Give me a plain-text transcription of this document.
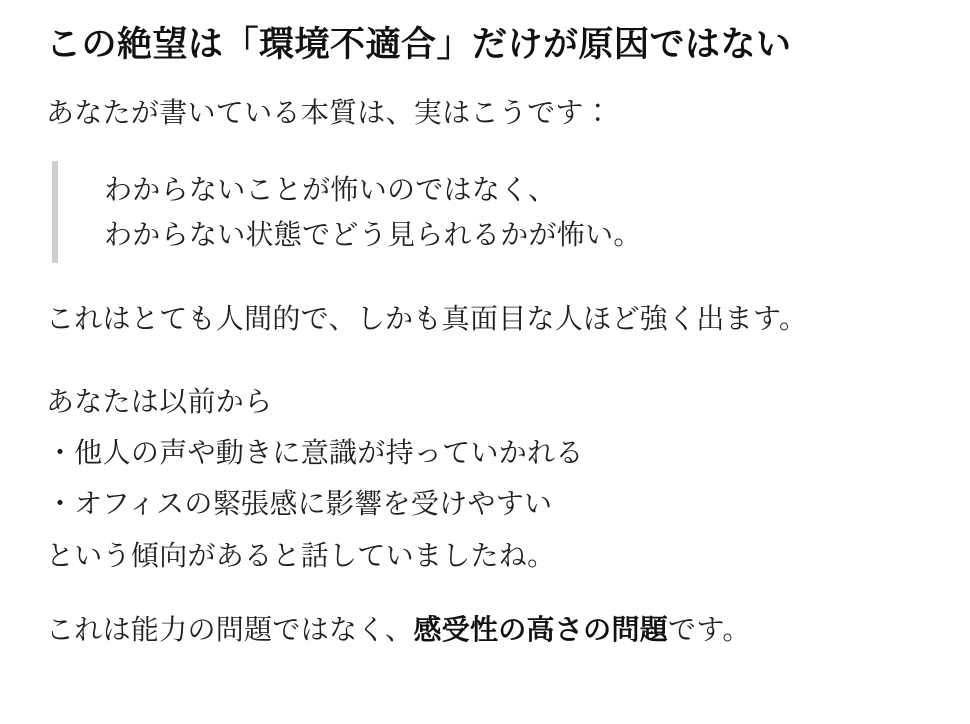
この絶望は「環境不適合」だけが原因ではない

あなたが書いている本質は、実はこうです：

わからないことが怖いのではなく、
わからない状態でどう見られるかが怖い。

これはとても人間的で、しかも真面目な人ほど強く出ます。

あなたは以前から
・他人の声や動きに意識が持っていかれる
・オフィスの緊張感に影響を受けやすい
という傾向があると話していましたね。

これは能力の問題ではなく、感受性の高さの問題です。
